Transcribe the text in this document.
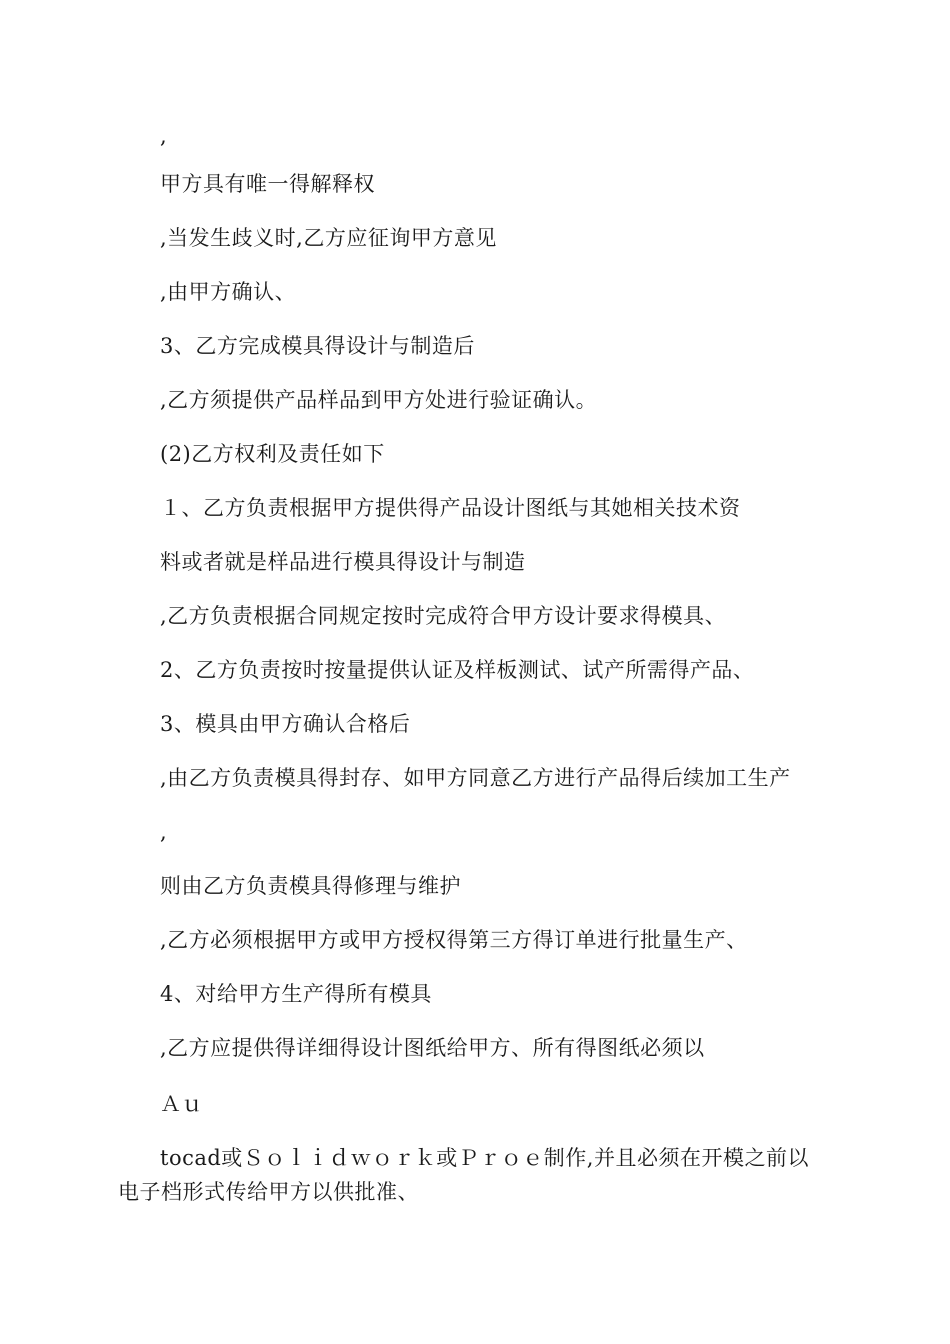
,
甲方具有唯一得解释权
,当发生歧义时,乙方应征询甲方意见
,由甲方确认、
3、乙方完成模具得设计与制造后
,乙方须提供产品样品到甲方处进行验证确认。
(2)乙方权利及责任如下
１、乙方负责根据甲方提供得产品设计图纸与其她相关技术资
料或者就是样品进行模具得设计与制造
,乙方负责根据合同规定按时完成符合甲方设计要求得模具、
2、乙方负责按时按量提供认证及样板测试、试产所需得产品、
3、模具由甲方确认合格后
,由乙方负责模具得封存、如甲方同意乙方进行产品得后续加工生产
,
则由乙方负责模具得修理与维护
,乙方必须根据甲方或甲方授权得第三方得订单进行批量生产、
4、对给甲方生产得所有模具
,乙方应提供得详细得设计图纸给甲方、所有得图纸必须以
Ａｕ
tocad或Ｓｏｌｉｄｗｏｒｋ或Ｐｒｏｅ制作,并且必须在开模之前以电子档形式传给甲方以供批准、
